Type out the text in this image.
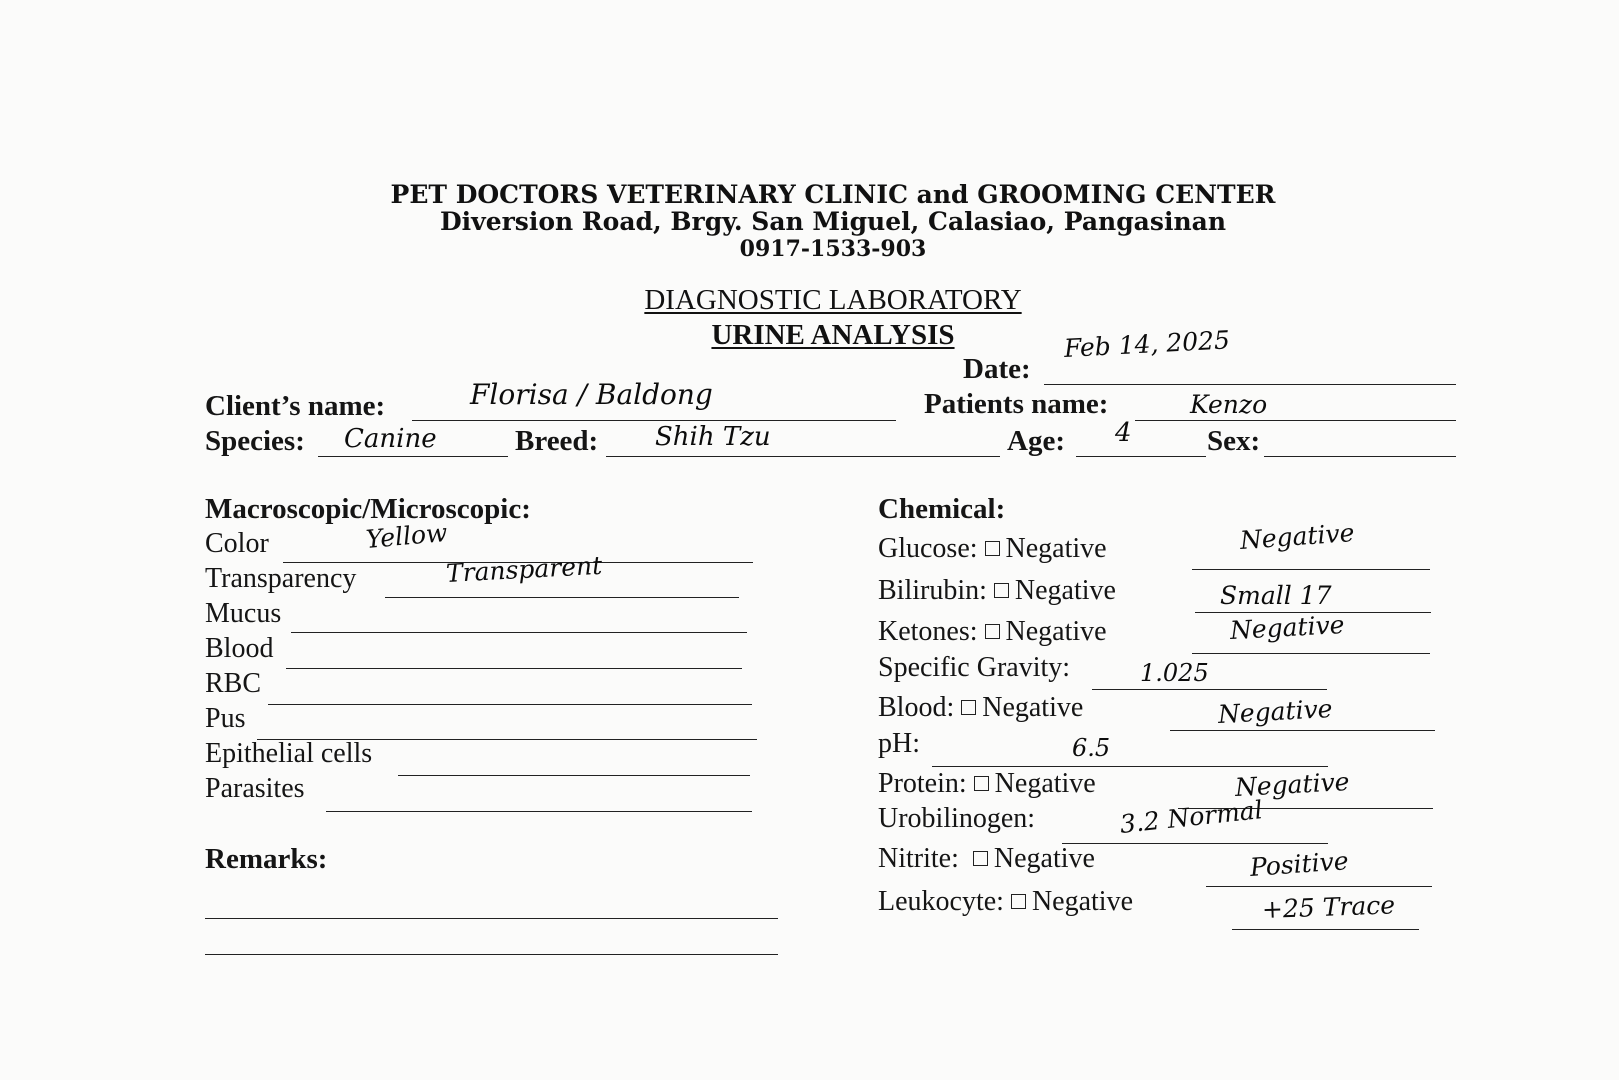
PET DOCTORS VETERINARY CLINIC and GROOMING CENTER
Diversion Road, Brgy. San Miguel, Calasiao, Pangasinan
0917-1533-903
DIAGNOSTIC LABORATORY
URINE ANALYSIS
Date:
Feb 14, 2025
Client’s name:	Florisa / Baldong	Patients name:	Kenzo
Species: Canine	Breed: Shih Tzu	Age: 4	Sex:
Macroscopic/Microscopic:
Color	Yellow
Transparency	Transparent
Mucus
Blood
RBC
Pus
Epithelial cells
Parasites
Remarks:
Chemical:
Glucose: Negative	Negative
Bilirubin: Negative	Small 17
Ketones: Negative	Negative
Specific Gravity:	1.025
Blood: Negative	Negative
pH:	6.5
Protein: Negative	Negative
Urobilinogen:	3.2 Normal
Nitrite: Negative	Positive
Leukocyte: Negative	+25 Trace
